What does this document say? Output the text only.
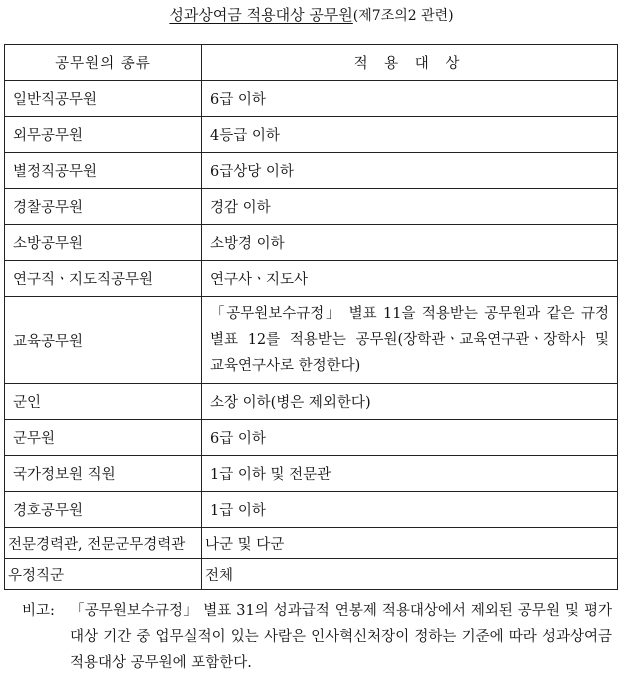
성과상여금 적용대상 공무원(제7조의2 관련)
공무원의 종류	적 용 대 상
일반직공무원	6급 이하
외무공무원	4등급 이하
별정직공무원	6급상당 이하
경찰공무원	경감 이하
소방공무원	소방경 이하
연구직ㆍ지도직공무원	연구사ㆍ지도사
교육공무원	「공무원보수규정」 별표 11을 적용받는 공무원과 같은 규정 별표 12를 적용받는 공무원(장학관ㆍ교육연구관ㆍ장학사 및 교육연구사로 한정한다)
군인	소장 이하(병은 제외한다)
군무원	6급 이하
국가정보원 직원	1급 이하 및 전문관
경호공무원	1급 이하
전문경력관, 전문군무경력관	나군 및 다군
우정직군	전체
비고: 「공무원보수규정」 별표 31의 성과급적 연봉제 적용대상에서 제외된 공무원 및 평가 대상 기간 중 업무실적이 있는 사람은 인사혁신처장이 정하는 기준에 따라 성과상여금 적용대상 공무원에 포함한다.
